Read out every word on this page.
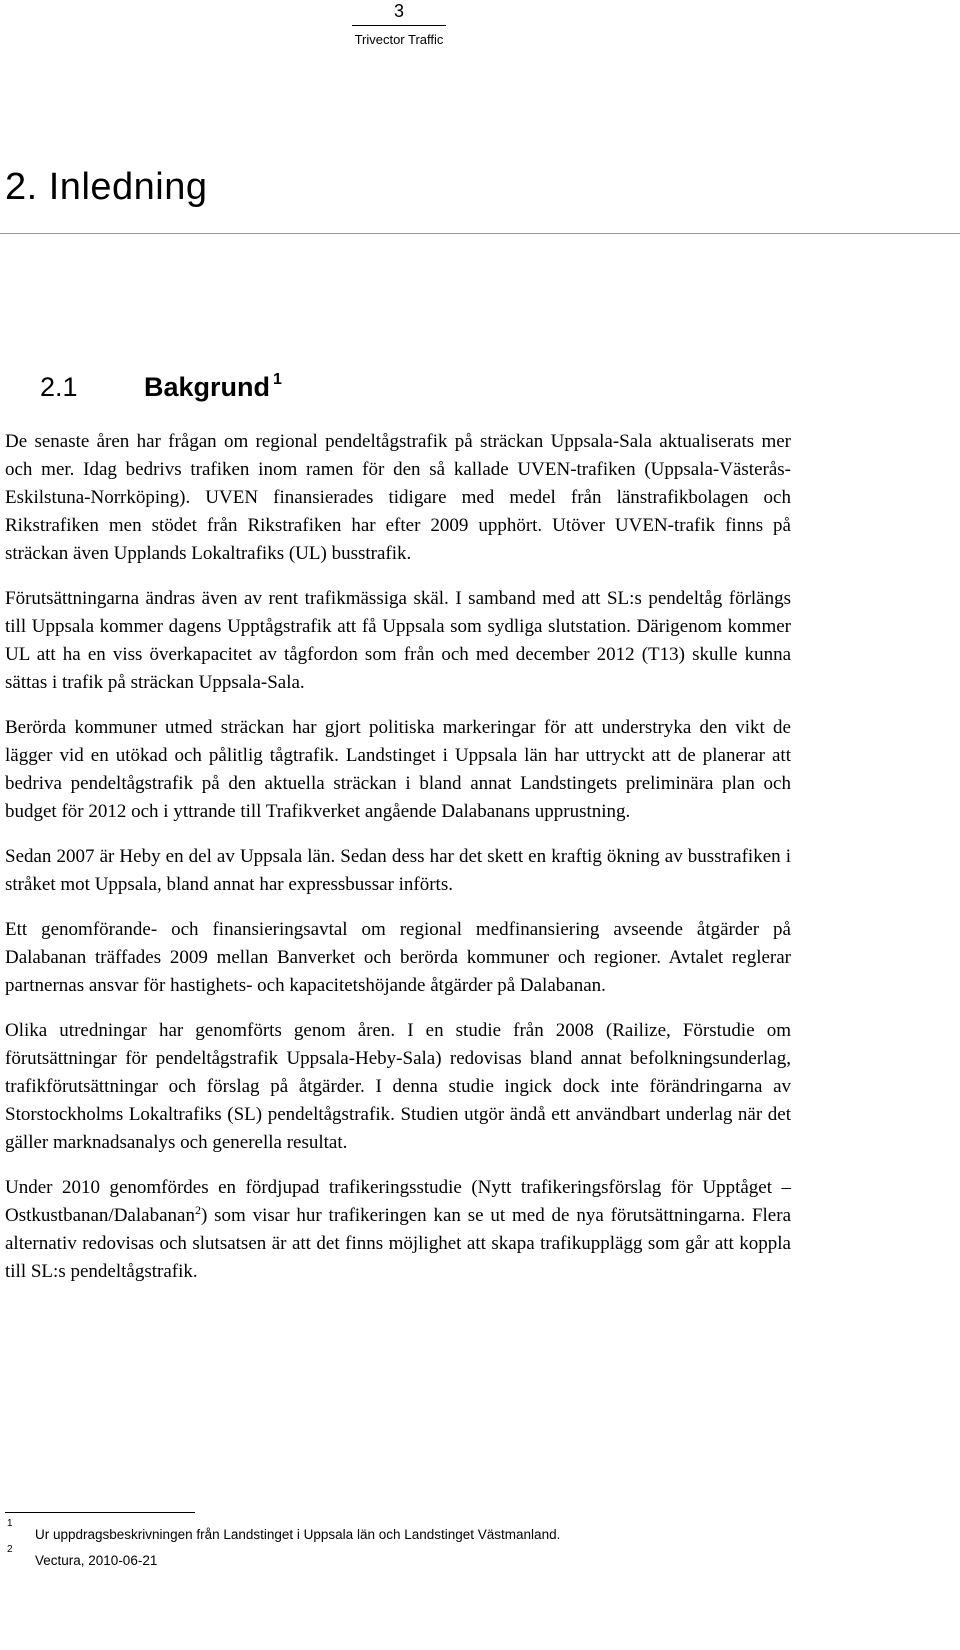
3
Trivector Traffic
2. Inledning
2.1 Bakgrund $^1$

De senaste åren har frågan om regional pendeltågstrafik på sträckan Uppsala-Sala aktualiserats mer och mer. Idag bedrivs trafiken inom ramen för den så kallade UVEN-trafiken (Uppsala-Västerås-Eskilstuna-Norrköping). UVEN finansierades tidigare med medel från länstrafikbolagen och Rikstrafiken men stödet från Rikstrafiken har efter 2009 upphört. Utöver UVEN-trafik finns på sträckan även Upplands Lokaltrafiks (UL) busstrafik.

Förutsättningarna ändras även av rent trafikmässiga skäl. I samband med att SL:s pendeltåg förlängs till Uppsala kommer dagens Upptågstrafik att få Uppsala som sydliga slutstation. Därigenom kommer UL att ha en viss överkapacitet av tågfordon som från och med december 2012 (T13) skulle kunna sättas i trafik på sträckan Uppsala-Sala.

Berörda kommuner utmed sträckan har gjort politiska markeringar för att understryka den vikt de lägger vid en utökad och pålitlig tågtrafik. Landstinget i Uppsala län har uttryckt att de planerar att bedriva pendeltågstrafik på den aktuella sträckan i bland annat Landstingets preliminära plan och budget för 2012 och i yttrande till Trafikverket angående Dalabanans upprustning.

Sedan 2007 är Heby en del av Uppsala län. Sedan dess har det skett en kraftig ökning av busstrafiken i stråket mot Uppsala, bland annat har expressbussar införts.

Ett genomförande- och finansieringsavtal om regional medfinansiering avseende åtgärder på Dalabanan träffades 2009 mellan Banverket och berörda kommuner och regioner. Avtalet reglerar partnernas ansvar för hastighets- och kapacitetshöjande åtgärder på Dalabanan.

Olika utredningar har genomförts genom åren. I en studie från 2008 (Railize, Förstudie om förutsättningar för pendeltågstrafik Uppsala-Heby-Sala) redovisas bland annat befolkningsunderlag, trafikförutsättningar och förslag på åtgärder. I denna studie ingick dock inte förändringarna av Storstockholms Lokaltrafiks (SL) pendeltågstrafik. Studien utgör ändå ett användbart underlag när det gäller marknadsanalys och generella resultat.

Under 2010 genomfördes en fördjupad trafikeringsstudie (Nytt trafikeringsförslag för Upptåget – Ostkustbanan/Dalabanan$^2$) som visar hur trafikeringen kan se ut med de nya förutsättningarna. Flera alternativ redovisas och slutsatsen är att det finns möjlighet att skapa trafikupplägg som går att koppla till SL:s pendeltågstrafik.

1
Ur uppdragsbeskrivningen från Landstinget i Uppsala län och Landstinget Västmanland.
2
Vectura, 2010-06-21
